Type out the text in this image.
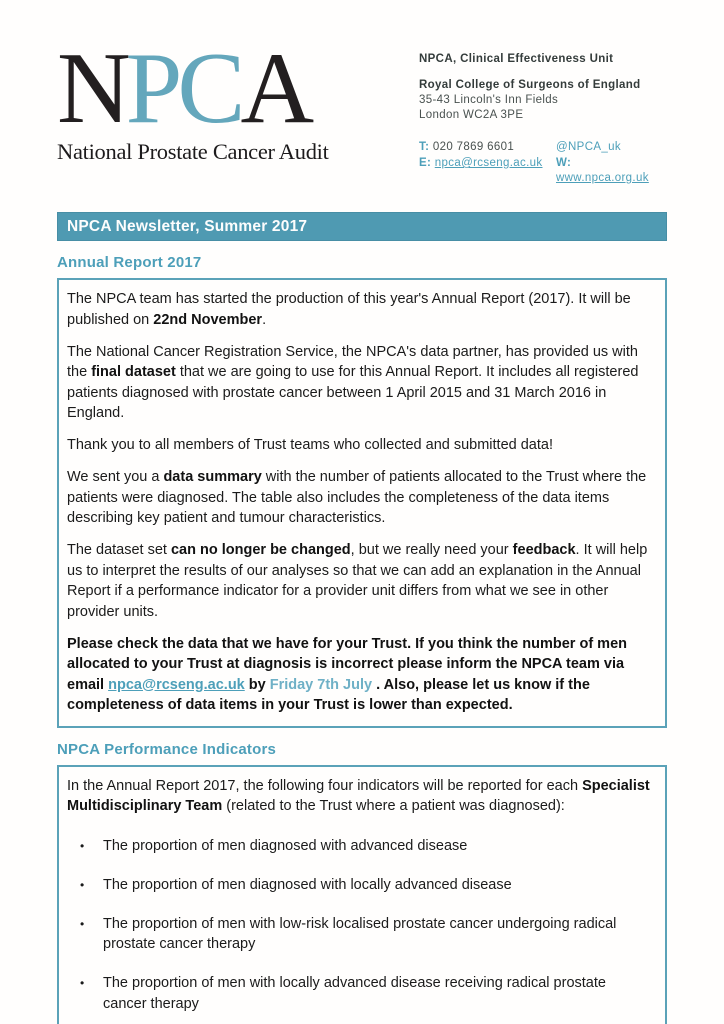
NPCA
National Prostate Cancer Audit
NPCA, Clinical Effectiveness Unit
Royal College of Surgeons of England
35-43 Lincoln's Inn Fields
London WC2A 3PE
T: 020 7869 6601	@NPCA_uk
E: npca@rcseng.ac.uk	W: www.npca.org.uk
NPCA Newsletter, Summer 2017
Annual Report 2017

The NPCA team has started the production of this year's Annual Report (2017). It will be published on 22nd November.

The National Cancer Registration Service, the NPCA's data partner, has provided us with the final dataset that we are going to use for this Annual Report. It includes all registered patients diagnosed with prostate cancer between 1 April 2015 and 31 March 2016 in England.

Thank you to all members of Trust teams who collected and submitted data!

We sent you a data summary with the number of patients allocated to the Trust where the patients were diagnosed. The table also includes the completeness of the data items describing key patient and tumour characteristics.

The dataset set can no longer be changed, but we really need your feedback. It will help us to interpret the results of our analyses so that we can add an explanation in the Annual Report if a performance indicator for a provider unit differs from what we see in other provider units.

Please check the data that we have for your Trust. If you think the number of men allocated to your Trust at diagnosis is incorrect please inform the NPCA team via email npca@rcseng.ac.uk by Friday 7th July . Also, please let us know if the completeness of data items in your Trust is lower than expected.

NPCA Performance Indicators

In the Annual Report 2017, the following four indicators will be reported for each Specialist Multidisciplinary Team (related to the Trust where a patient was diagnosed):

•	The proportion of men diagnosed with advanced disease
•	The proportion of men diagnosed with locally advanced disease
•	The proportion of men with low-risk localised prostate cancer undergoing radical prostate cancer therapy
•	The proportion of men with locally advanced disease receiving radical prostate cancer therapy
